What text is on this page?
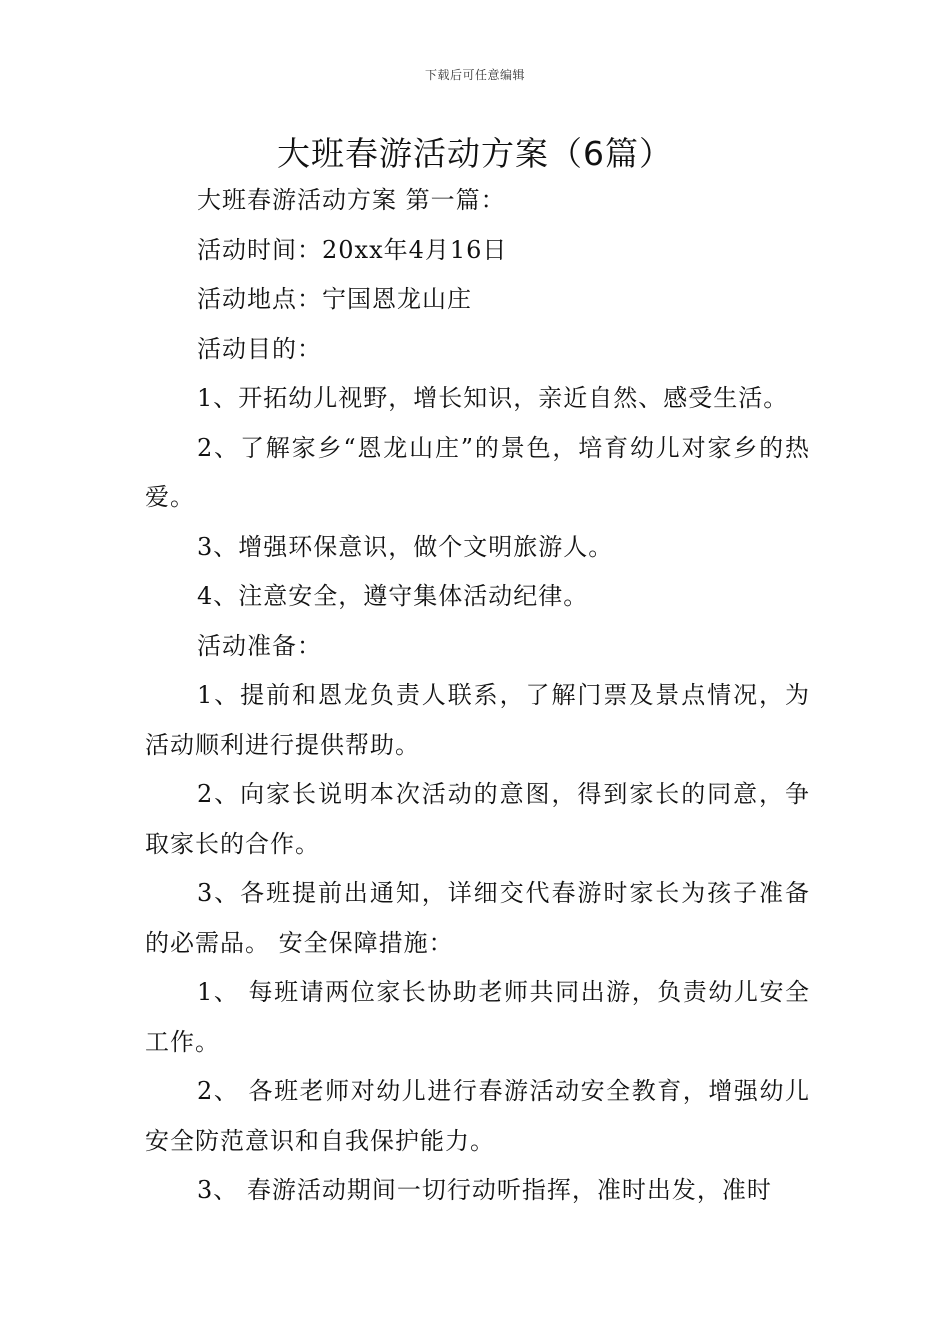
下载后可任意编辑
大班春游活动方案（6篇）

大班春游活动方案 第一篇：

活动时间：20xx年4月16日

活动地点：宁国恩龙山庄

活动目的：

1、开拓幼儿视野，增长知识，亲近自然、感受生活。

2、了解家乡“恩龙山庄”的景色，培育幼儿对家乡的热爱。

3、增强环保意识，做个文明旅游人。

4、注意安全，遵守集体活动纪律。

活动准备：

1、提前和恩龙负责人联系，了解门票及景点情况，为活动顺利进行提供帮助。

2、向家长说明本次活动的意图，得到家长的同意，争取家长的合作。

3、各班提前出通知，详细交代春游时家长为孩子准备的必需品。 安全保障措施：

1、 每班请两位家长协助老师共同出游，负责幼儿安全工作。

2、 各班老师对幼儿进行春游活动安全教育，增强幼儿安全防范意识和自我保护能力。

3、 春游活动期间一切行动听指挥，准时出发，准时
